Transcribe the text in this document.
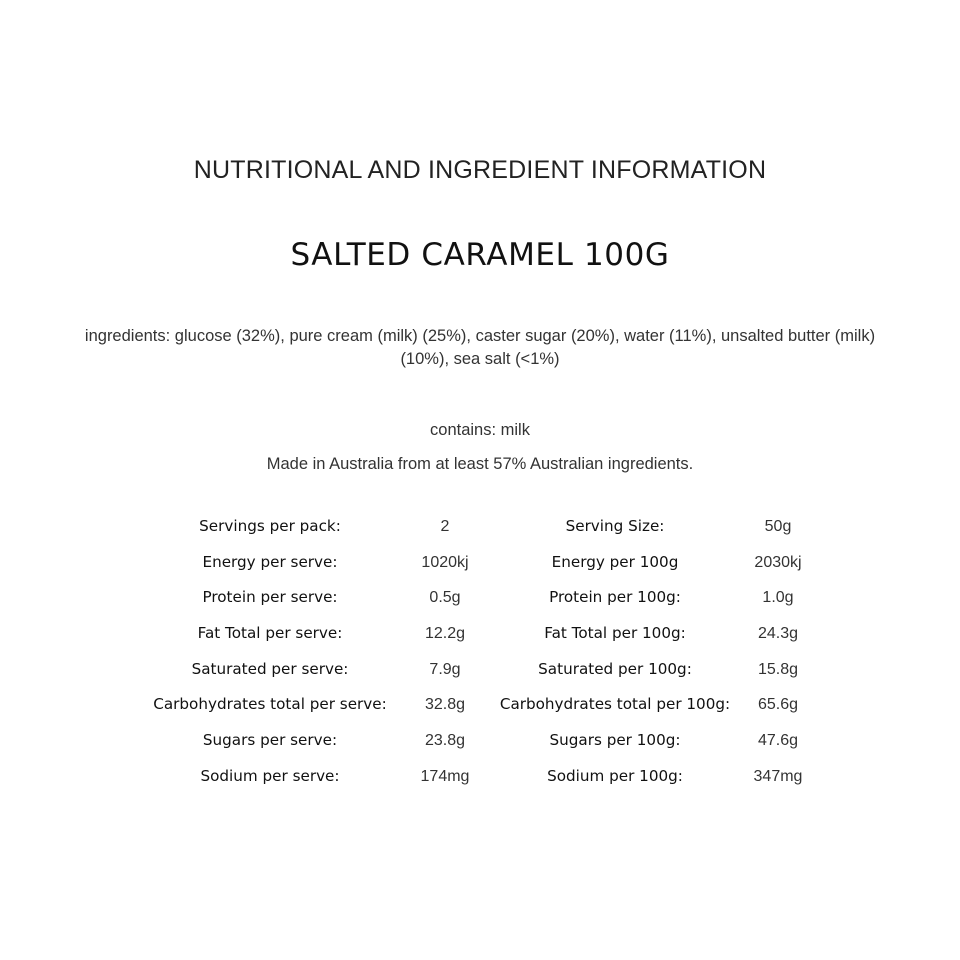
NUTRITIONAL AND INGREDIENT INFORMATION
SALTED CARAMEL 100G
ingredients: glucose (32%), pure cream (milk) (25%), caster sugar (20%), water (11%), unsalted butter (milk)
(10%), sea salt (<1%)
contains: milk
Made in Australia from at least 57% Australian ingredients.
Servings per pack:	2	Serving Size:	50g
Energy per serve:	1020kj	Energy per 100g	2030kj
Protein per serve:	0.5g	Protein per 100g:	1.0g
Fat Total per serve:	12.2g	Fat Total per 100g:	24.3g
Saturated per serve:	7.9g	Saturated per 100g:	15.8g
Carbohydrates total per serve:	32.8g	Carbohydrates total per 100g:	65.6g
Sugars per serve:	23.8g	Sugars per 100g:	47.6g
Sodium per serve:	174mg	Sodium per 100g:	347mg
